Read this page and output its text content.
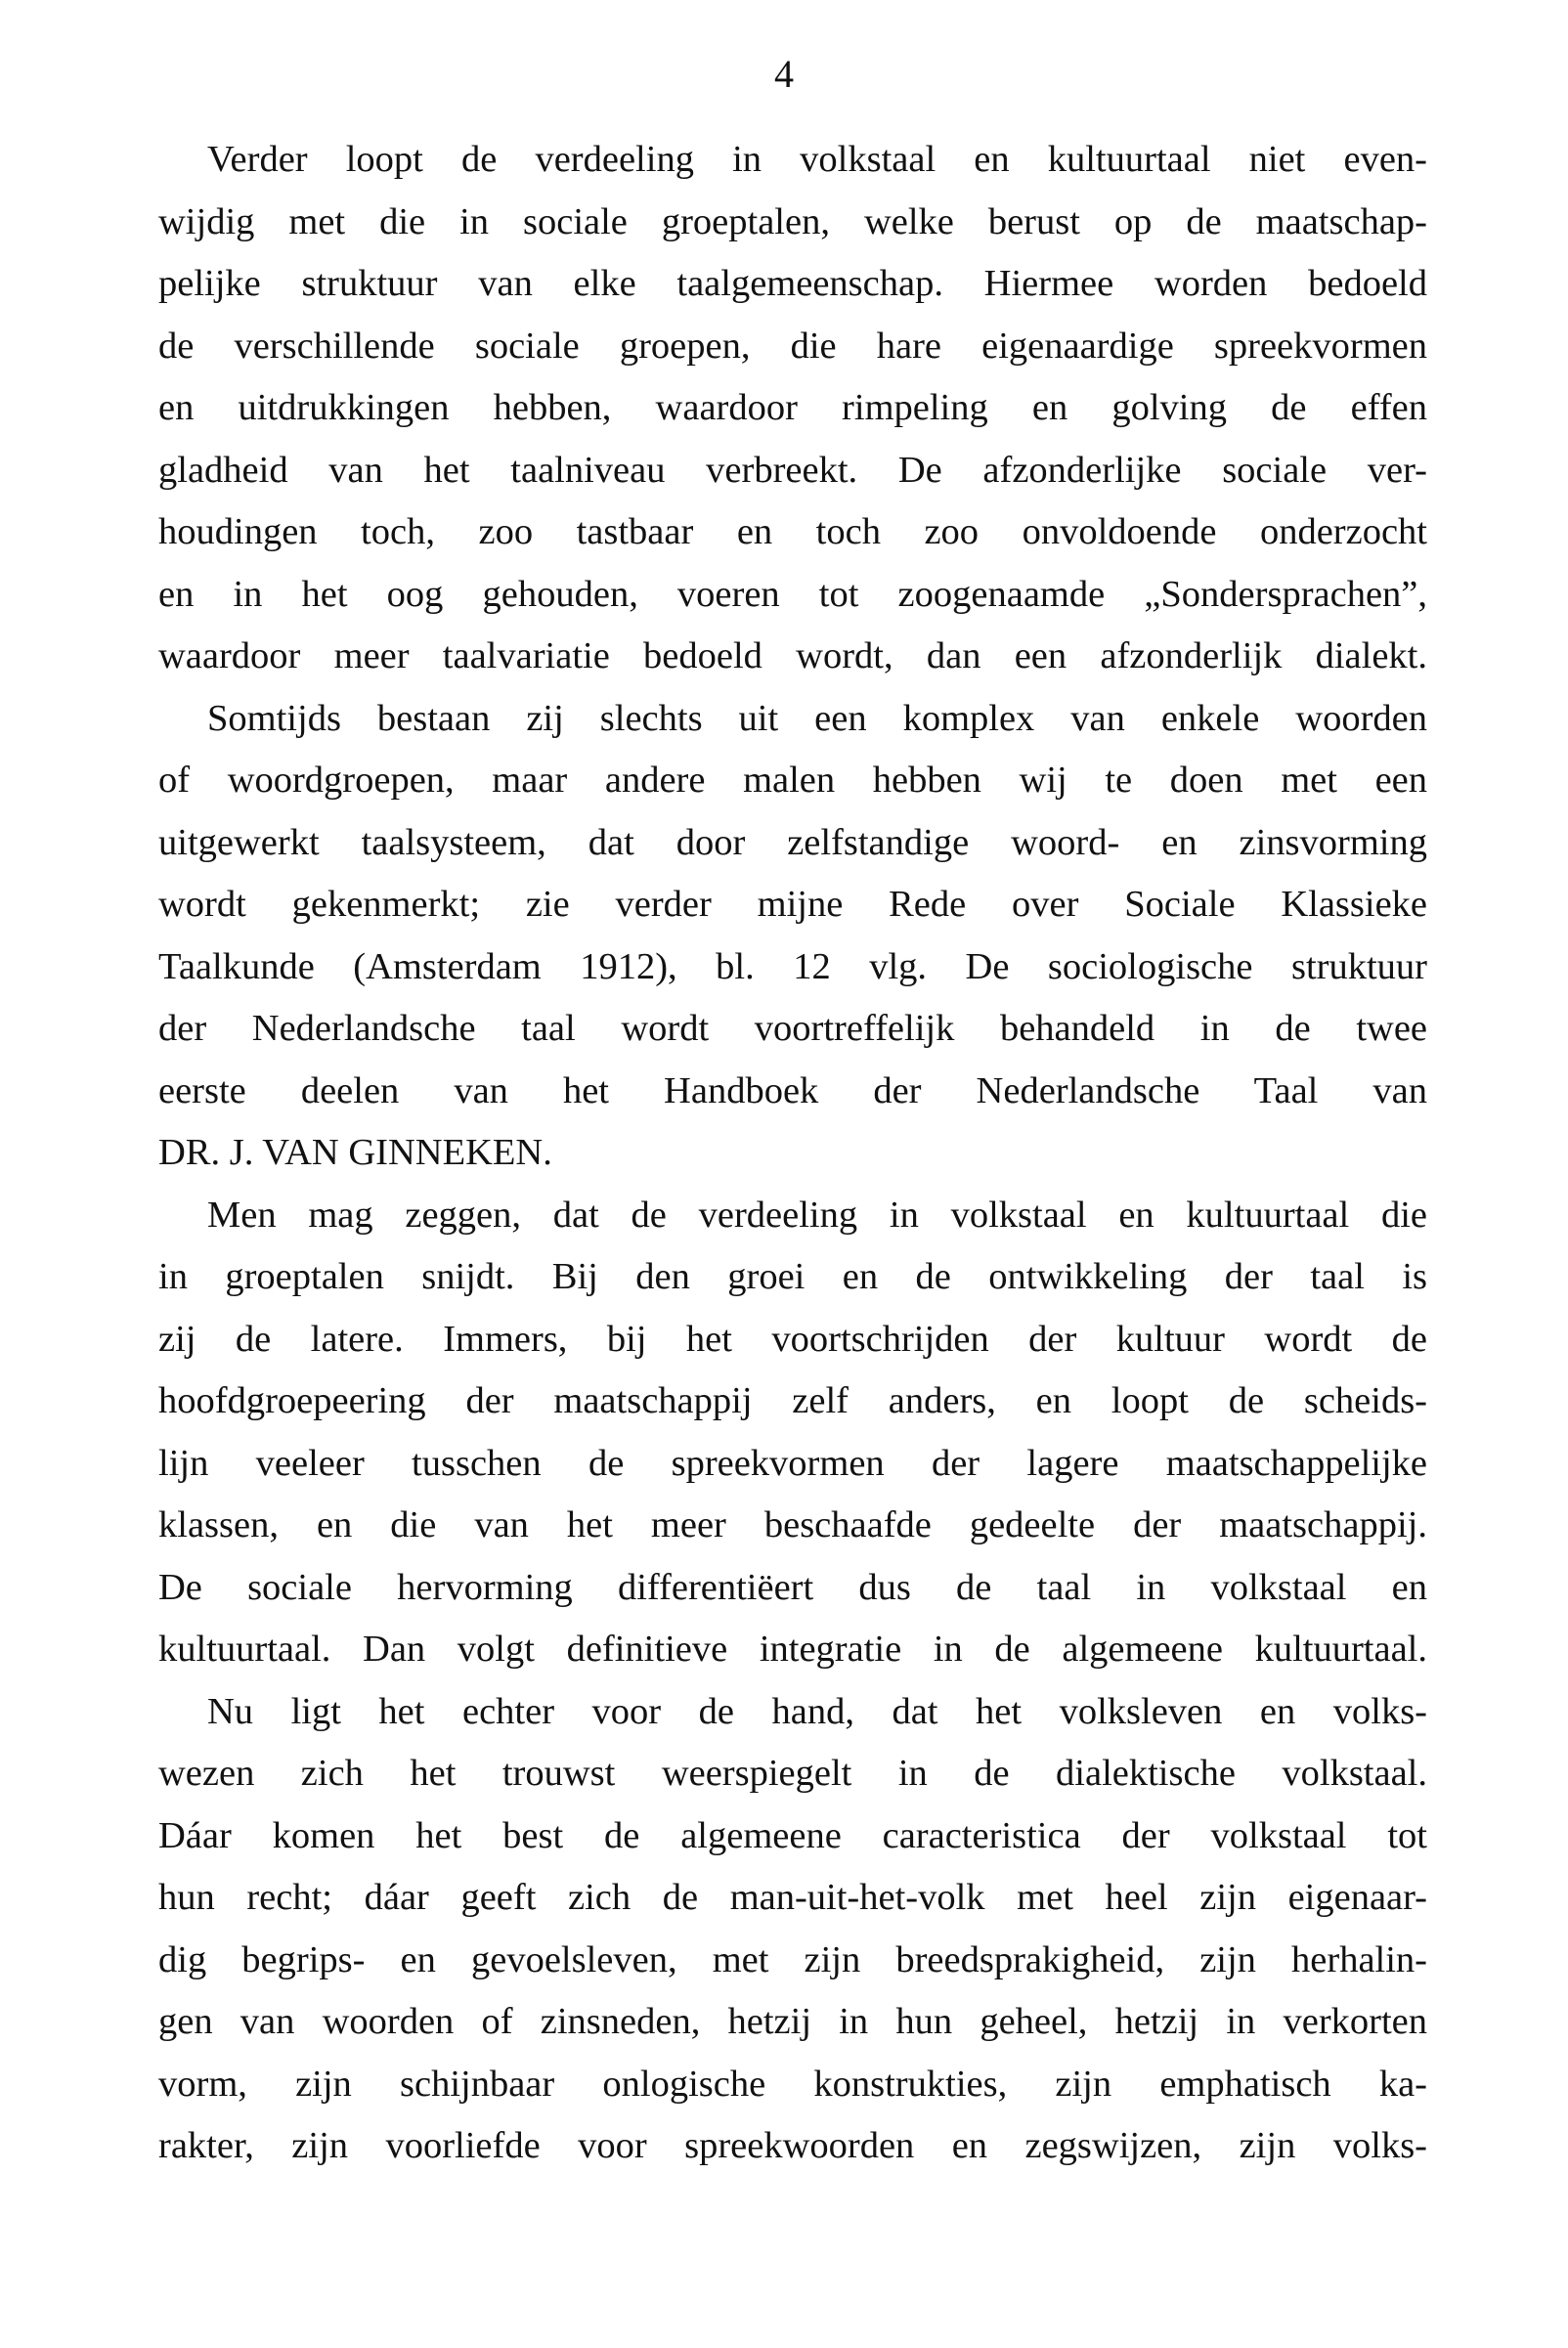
4
Verder loopt de verdeeling in volkstaal en kultuurtaal niet even-
wijdig met die in sociale groeptalen, welke berust op de maatschap-
pelijke struktuur van elke taalgemeenschap. Hiermee worden bedoeld
de verschillende sociale groepen, die hare eigenaardige spreekvormen
en uitdrukkingen hebben, waardoor rimpeling en golving de effen
gladheid van het taalniveau verbreekt. De afzonderlijke sociale ver-
houdingen toch, zoo tastbaar en toch zoo onvoldoende onderzocht
en in het oog gehouden, voeren tot zoogenaamde „Sondersprachen”,
waardoor meer taalvariatie bedoeld wordt, dan een afzonderlijk dialekt.
Somtijds bestaan zij slechts uit een komplex van enkele woorden
of woordgroepen, maar andere malen hebben wij te doen met een
uitgewerkt taalsysteem, dat door zelfstandige woord- en zinsvorming
wordt gekenmerkt; zie verder mijne Rede over Sociale Klassieke
Taalkunde (Amsterdam 1912), bl. 12 vlg. De sociologische struktuur
der Nederlandsche taal wordt voortreffelijk behandeld in de twee
eerste deelen van het Handboek der Nederlandsche Taal van
DR. J. VAN GINNEKEN.
Men mag zeggen, dat de verdeeling in volkstaal en kultuurtaal die
in groeptalen snijdt. Bij den groei en de ontwikkeling der taal is
zij de latere. Immers, bij het voortschrijden der kultuur wordt de
hoofdgroepeering der maatschappij zelf anders, en loopt de scheids-
lijn veeleer tusschen de spreekvormen der lagere maatschappelijke
klassen, en die van het meer beschaafde gedeelte der maatschappij.
De sociale hervorming differentiëert dus de taal in volkstaal en
kultuurtaal. Dan volgt definitieve integratie in de algemeene kultuurtaal.
Nu ligt het echter voor de hand, dat het volksleven en volks-
wezen zich het trouwst weerspiegelt in de dialektische volkstaal.
Dáar komen het best de algemeene caracteristica der volkstaal tot
hun recht; dáar geeft zich de man-uit-het-volk met heel zijn eigenaar-
dig begrips- en gevoelsleven, met zijn breedsprakigheid, zijn herhalin-
gen van woorden of zinsneden, hetzij in hun geheel, hetzij in verkorten
vorm, zijn schijnbaar onlogische konstrukties, zijn emphatisch ka-
rakter, zijn voorliefde voor spreekwoorden en zegswijzen, zijn volks-
